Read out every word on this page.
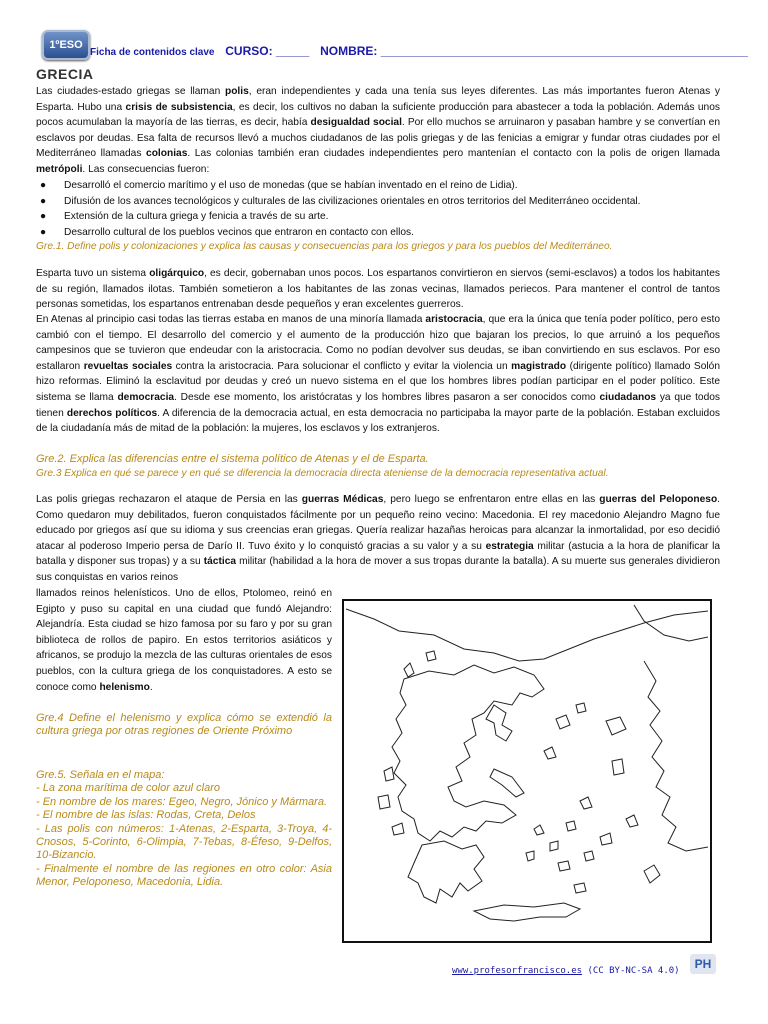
1ºESO
Ficha de contenidos clave CURSO: _____ NOMBRE: _______________________________________________________
GRECIA
Las ciudades-estado griegas se llaman polis, eran independientes y cada una tenía sus leyes diferentes. Las más importantes fueron Atenas y Esparta. Hubo una crisis de subsistencia, es decir, los cultivos no daban la suficiente producción para abastecer a toda la población. Además unos pocos acumulaban la mayoría de las tierras, es decir, había desigualdad social. Por ello muchos se arruinaron y pasaban hambre y se convertían en esclavos por deudas. Esa falta de recursos llevó a muchos ciudadanos de las polis griegas y de las fenicias a emigrar y fundar otras ciudades por el Mediterráneo llamadas colonias. Las colonias también eran ciudades independientes pero mantenían el contacto con la polis de origen llamada metrópoli. Las consecuencias fueron:
● Desarrolló el comercio marítimo y el uso de monedas (que se habían inventado en el reino de Lidia).
● Difusión de los avances tecnológicos y culturales de las civilizaciones orientales en otros territorios del Mediterráneo occidental.
● Extensión de la cultura griega y fenicia a través de su arte.
● Desarrollo cultural de los pueblos vecinos que entraron en contacto con ellos.
Gre.1. Define polis y colonizaciones y explica las causas y consecuencias para los griegos y para los pueblos del Mediterráneo.
Esparta tuvo un sistema oligárquico, es decir, gobernaban unos pocos. Los espartanos convirtieron en siervos (semi-esclavos) a todos los habitantes de su región, llamados ilotas. También sometieron a los habitantes de las zonas vecinas, llamados periecos. Para mantener el control de tantos personas sometidas, los espartanos entrenaban desde pequeños y eran excelentes guerreros.
En Atenas al principio casi todas las tierras estaba en manos de una minoría llamada aristocracia, que era la única que tenía poder político, pero esto cambió con el tiempo. El desarrollo del comercio y el aumento de la producción hizo que bajaran los precios, lo que arruinó a los pequeños campesinos que se tuvieron que endeudar con la aristocracia. Como no podían devolver sus deudas, se iban convirtiendo en sus esclavos. Por eso estallaron revueltas sociales contra la aristocracia. Para solucionar el conflicto y evitar la violencia un magistrado (dirigente político) llamado Solón hizo reformas. Eliminó la esclavitud por deudas y creó un nuevo sistema en el que los hombres libres podían participar en el poder político. Este sistema se llama democracia. Desde ese momento, los aristócratas y los hombres libres pasaron a ser conocidos como ciudadanos ya que todos tienen derechos políticos. A diferencia de la democracia actual, en esta democracia no participaba la mayor parte de la población. Estaban excluidos de la ciudadanía más de mitad de la población: la mujeres, los esclavos y los extranjeros.
Gre.2. Explica las diferencias entre el sistema político de Atenas y el de Esparta.
Gre.3 Explica en qué se parece y en qué se diferencia la democracia directa ateniense de la democracia representativa actual.
Las polis griegas rechazaron el ataque de Persia en las guerras Médicas, pero luego se enfrentaron entre ellas en las guerras del Peloponeso. Como quedaron muy debilitados, fueron conquistados fácilmente por un pequeño reino vecino: Macedonia. El rey macedonio Alejandro Magno fue educado por griegos así que su idioma y sus creencias eran griegas. Quería realizar hazañas heroicas para alcanzar la inmortalidad, por eso decidió atacar al poderoso Imperio persa de Darío II. Tuvo éxito y lo conquistó gracias a su valor y a su estrategia militar (astucia a la hora de planificar la batalla y disponer sus tropas) y a su táctica militar (habilidad a la hora de mover a sus tropas durante la batalla). A su muerte sus generales dividieron sus conquistas en varios reinos
llamados reinos helenísticos. Uno de ellos, Ptolomeo, reinó en Egipto y puso su capital en una ciudad que fundó Alejandro: Alejandría. Esta ciudad se hizo famosa por su faro y por su gran biblioteca de rollos de papiro. En estos territorios asiáticos y africanos, se produjo la mezcla de las culturas orientales de esos pueblos, con la cultura griega de los conquistadores. A esto se conoce como helenismo.
Gre.4 Define el helenismo y explica cómo se extendió la cultura griega por otras regiones de Oriente Próximo
Gre.5. Señala en el mapa:
- La zona marítima de color azul claro
- En nombre de los mares: Egeo, Negro, Jónico y Mármara.
- El nombre de las islas: Rodas, Creta, Delos
- Las polis con números: 1-Atenas, 2-Esparta, 3-Troya, 4-Cnosos, 5-Corinto, 6-Olimpia, 7-Tebas, 8-Éfeso, 9-Delfos, 10-Bizancio.
- Finalmente el nombre de las regiones en otro color: Asia Menor, Peloponeso, Macedonia, Lidia.
www.profesorfrancisco.es (CC BY-NC-SA 4.0)	PH
